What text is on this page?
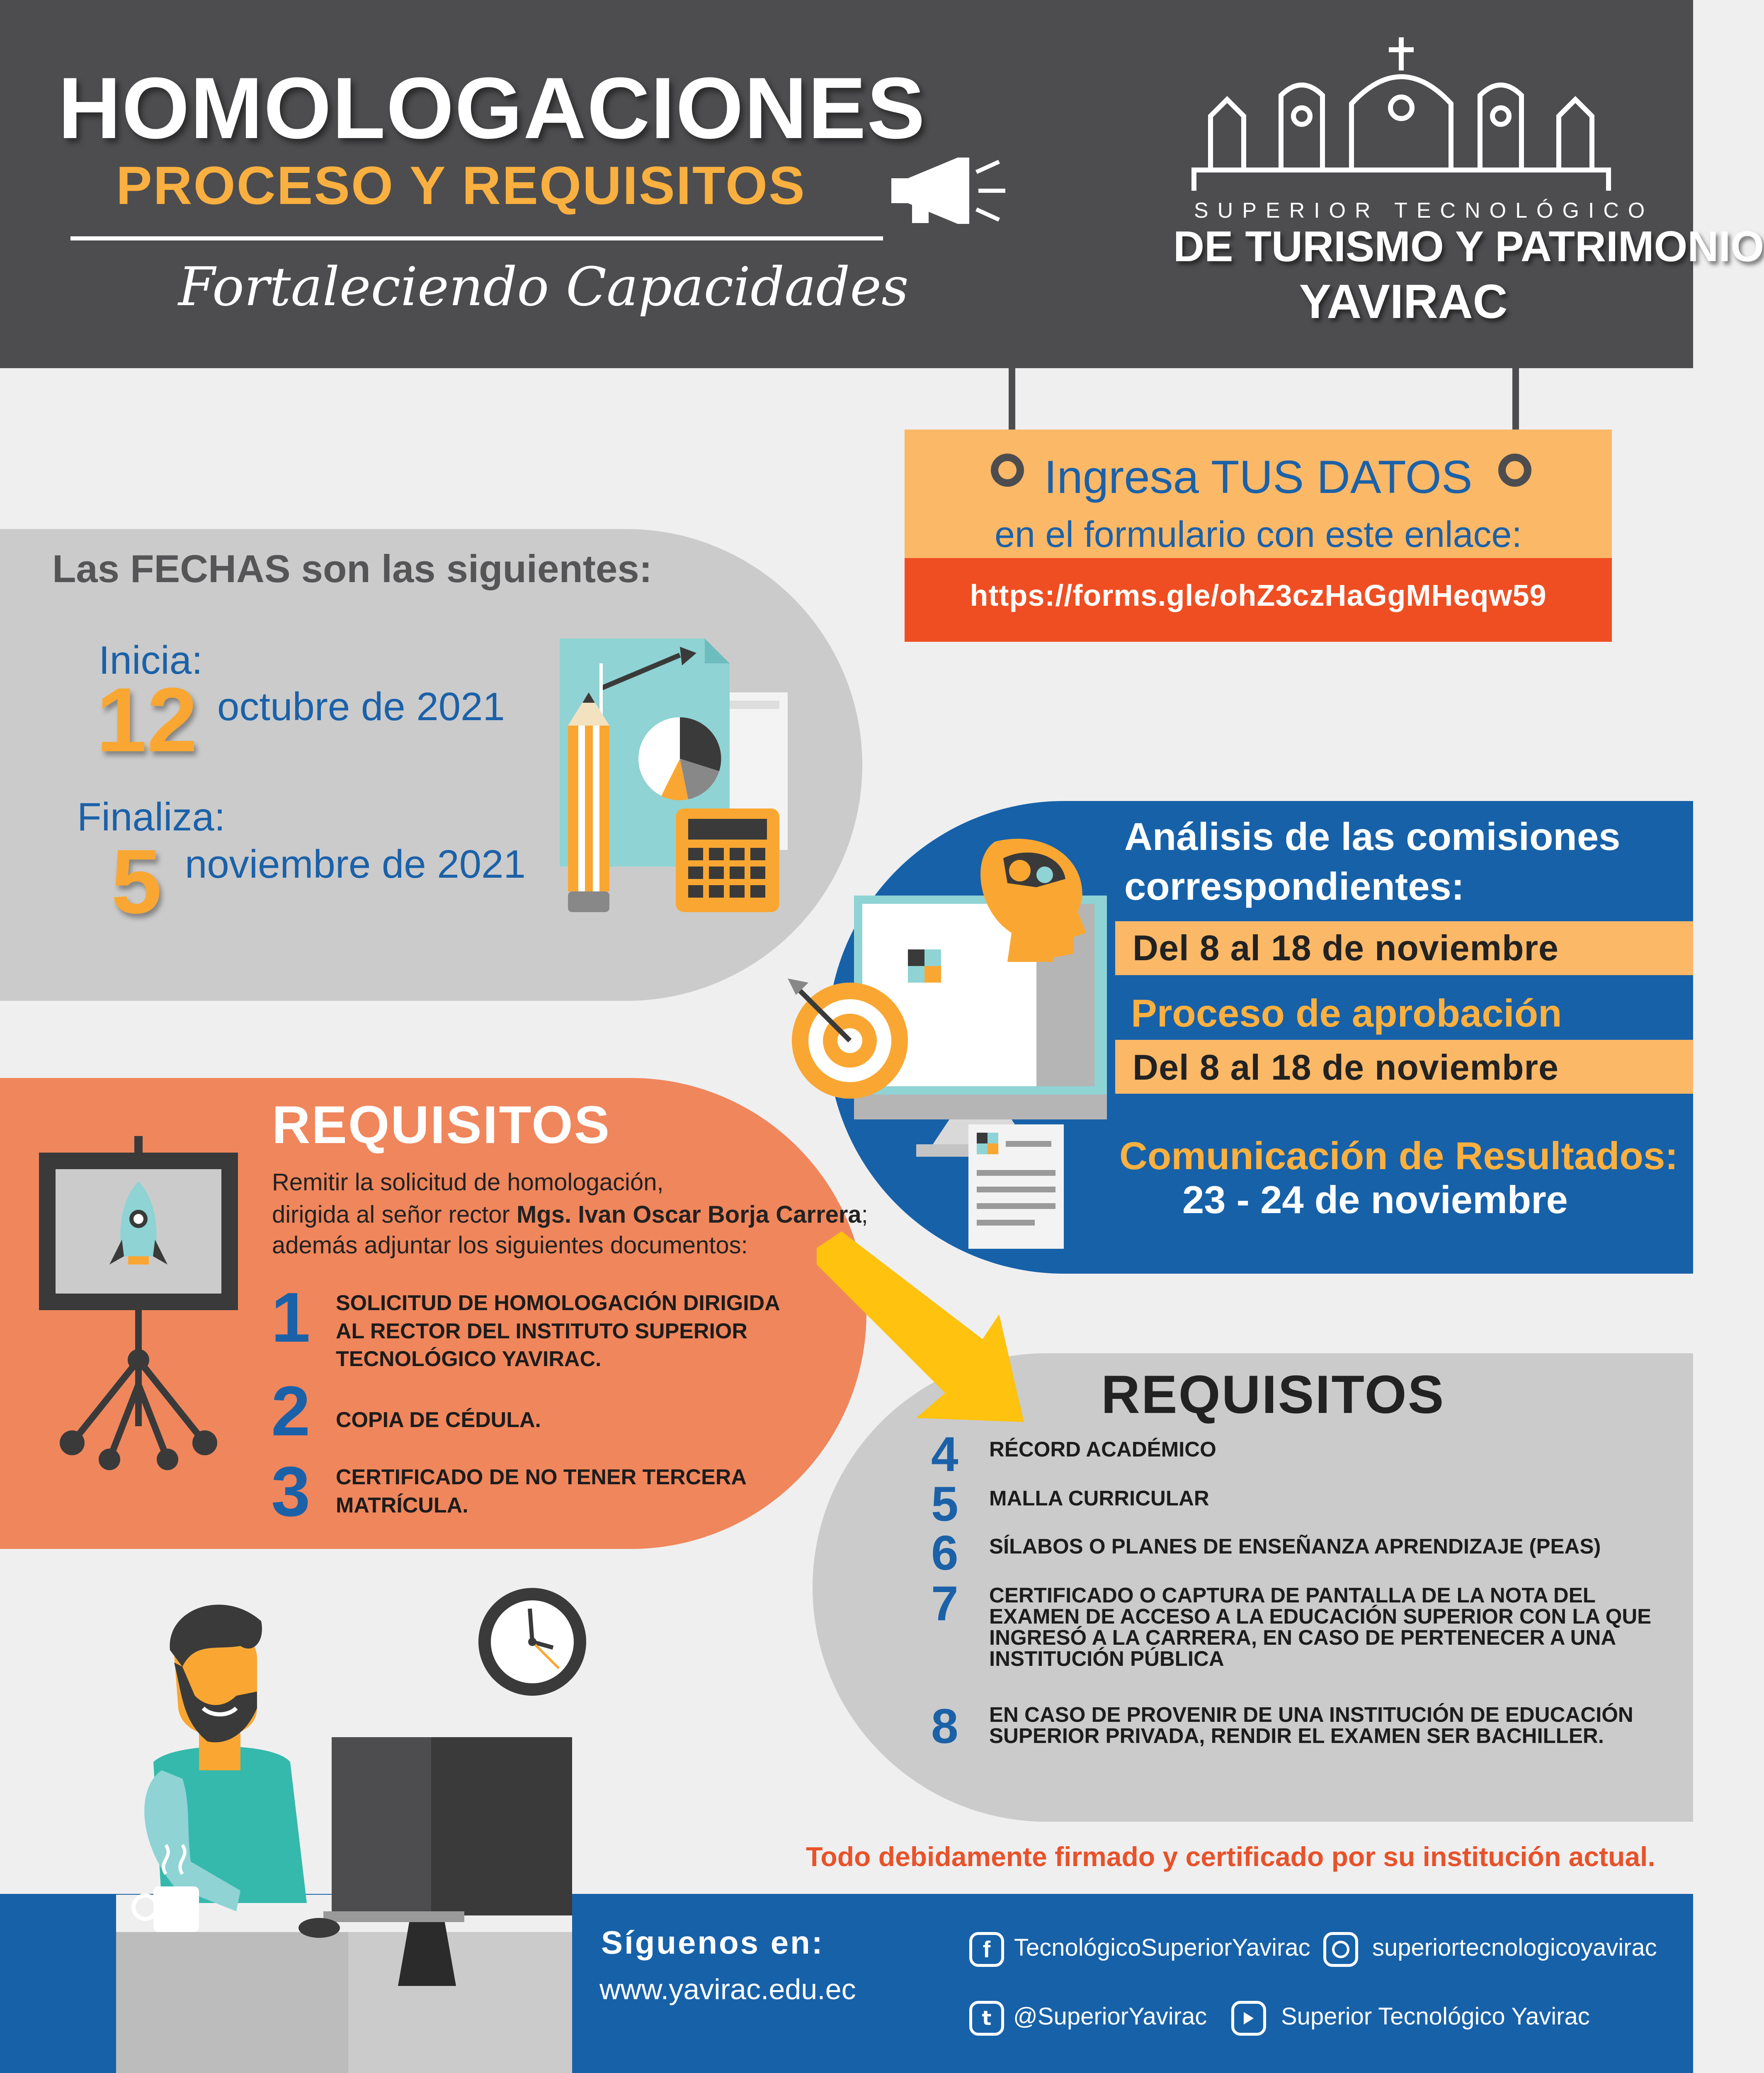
HOMOLOGACIONES
PROCESO Y REQUISITOS
Fortaleciendo Capacidades
SUPERIOR TECNOLÓGICO
DE TURISMO Y PATRIMONIO
YAVIRAC
Ingresa TUS DATOS
en el formulario con este enlace:
https://forms.gle/ohZ3czHaGgMHeqw59
Las FECHAS son las siguientes:
Inicia:
12 octubre de 2021
Finaliza:
5 noviembre de 2021
Análisis de las comisiones
correspondientes:
Del 8 al 18 de noviembre
Proceso de aprobación
Del 8 al 18 de noviembre
Comunicación de Resultados:
23 - 24 de noviembre
REQUISITOS
Remitir la solicitud de homologación,
dirigida al señor rector Mgs. Ivan Oscar Borja Carrera;
además adjuntar los siguientes documentos:
1 SOLICITUD DE HOMOLOGACIÓN DIRIGIDA AL RECTOR DEL INSTITUTO SUPERIOR TECNOLÓGICO YAVIRAC.
2 COPIA DE CÉDULA.
3 CERTIFICADO DE NO TENER TERCERA MATRÍCULA.
REQUISITOS
4 RÉCORD ACADÉMICO
5 MALLA CURRICULAR
6 SÍLABOS O PLANES DE ENSEÑANZA APRENDIZAJE (PEAS)
7 CERTIFICADO O CAPTURA DE PANTALLA DE LA NOTA DEL EXAMEN DE ACCESO A LA EDUCACIÓN SUPERIOR CON LA QUE INGRESÓ A LA CARRERA, EN CASO DE PERTENECER A UNA INSTITUCIÓN PÚBLICA
8 EN CASO DE PROVENIR DE UNA INSTITUCIÓN DE EDUCACIÓN SUPERIOR PRIVADA, RENDIR EL EXAMEN SER BACHILLER.
Todo debidamente firmado y certificado por su institución actual.
Síguenos en:
www.yavirac.edu.ec
f TecnológicoSuperiorYavirac	superiortecnologicoyavirac
t @SuperiorYavirac	Superior Tecnológico Yavirac
